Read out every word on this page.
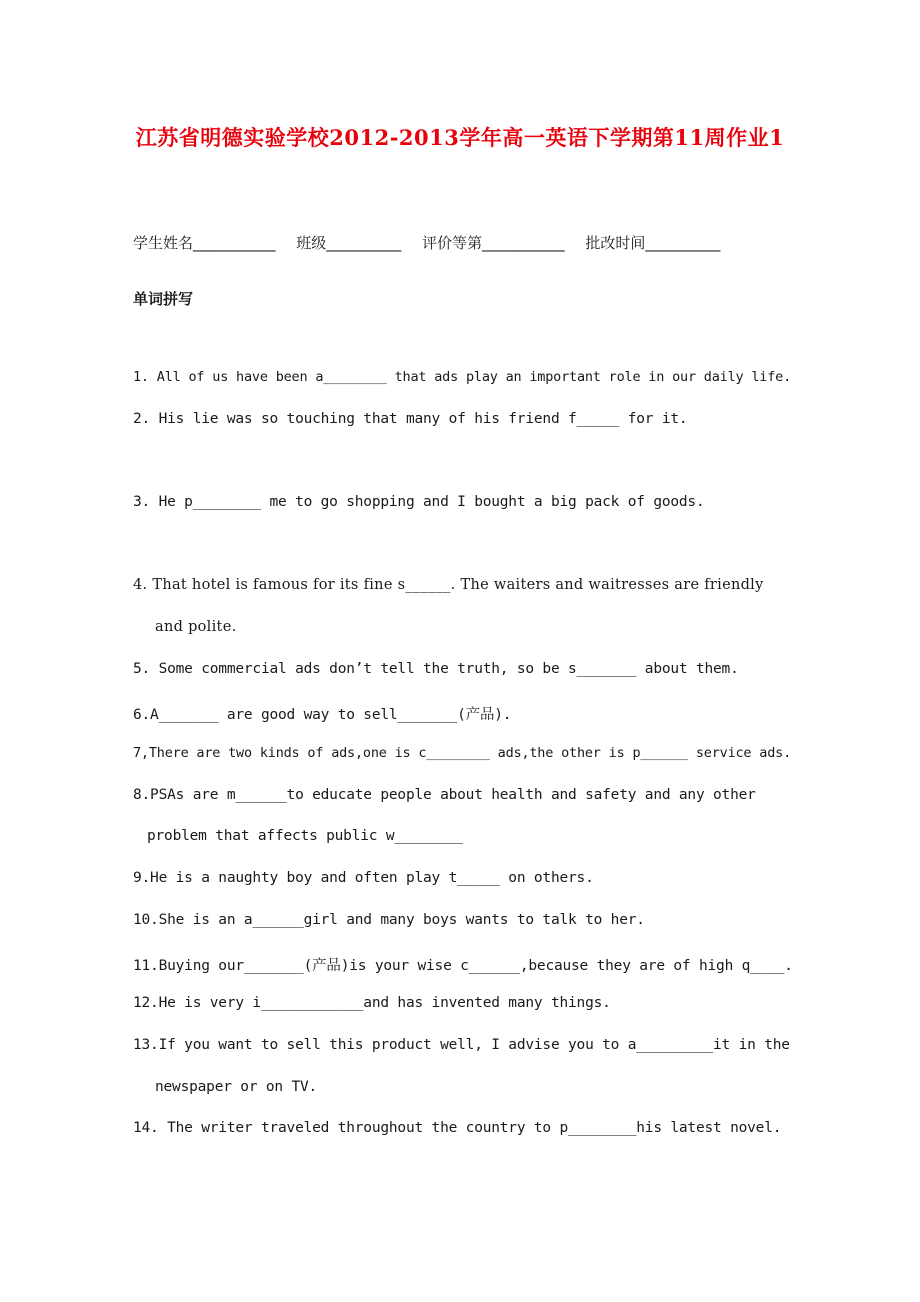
江苏省明德实验学校2012-2013学年高一英语下学期第11周作业1
学生姓名___________ 班级__________ 评价等第___________ 批改时间__________
单词拼写
1. All of us have been a________ that ads play an important role in our daily life.
2. His lie was so touching that many of his friend f_____ for it.
3. He p________ me to go shopping and I bought a big pack of goods.
4. That hotel is famous for its fine s______. The waiters and waitresses are friendly
and polite.
5. Some commercial ads don’t tell the truth, so be s_______ about them.
6.A_______ are good way to sell_______(产品).
7,There are two kinds of ads,one is c________ ads,the other is p______ service ads.
8.PSAs are m______to educate people about health and safety and any other
problem that affects public w________
9.He is a naughty boy and often play t_____ on others.
10.She is an a______girl and many boys wants to talk to her.
11.Buying our_______(产品)is your wise c______,because they are of high q____.
12.He is very i____________and has invented many things.
13.If you want to sell this product well, I advise you to a_________it in the
newspaper or on TV.
14. The writer traveled throughout the country to p________his latest novel.
